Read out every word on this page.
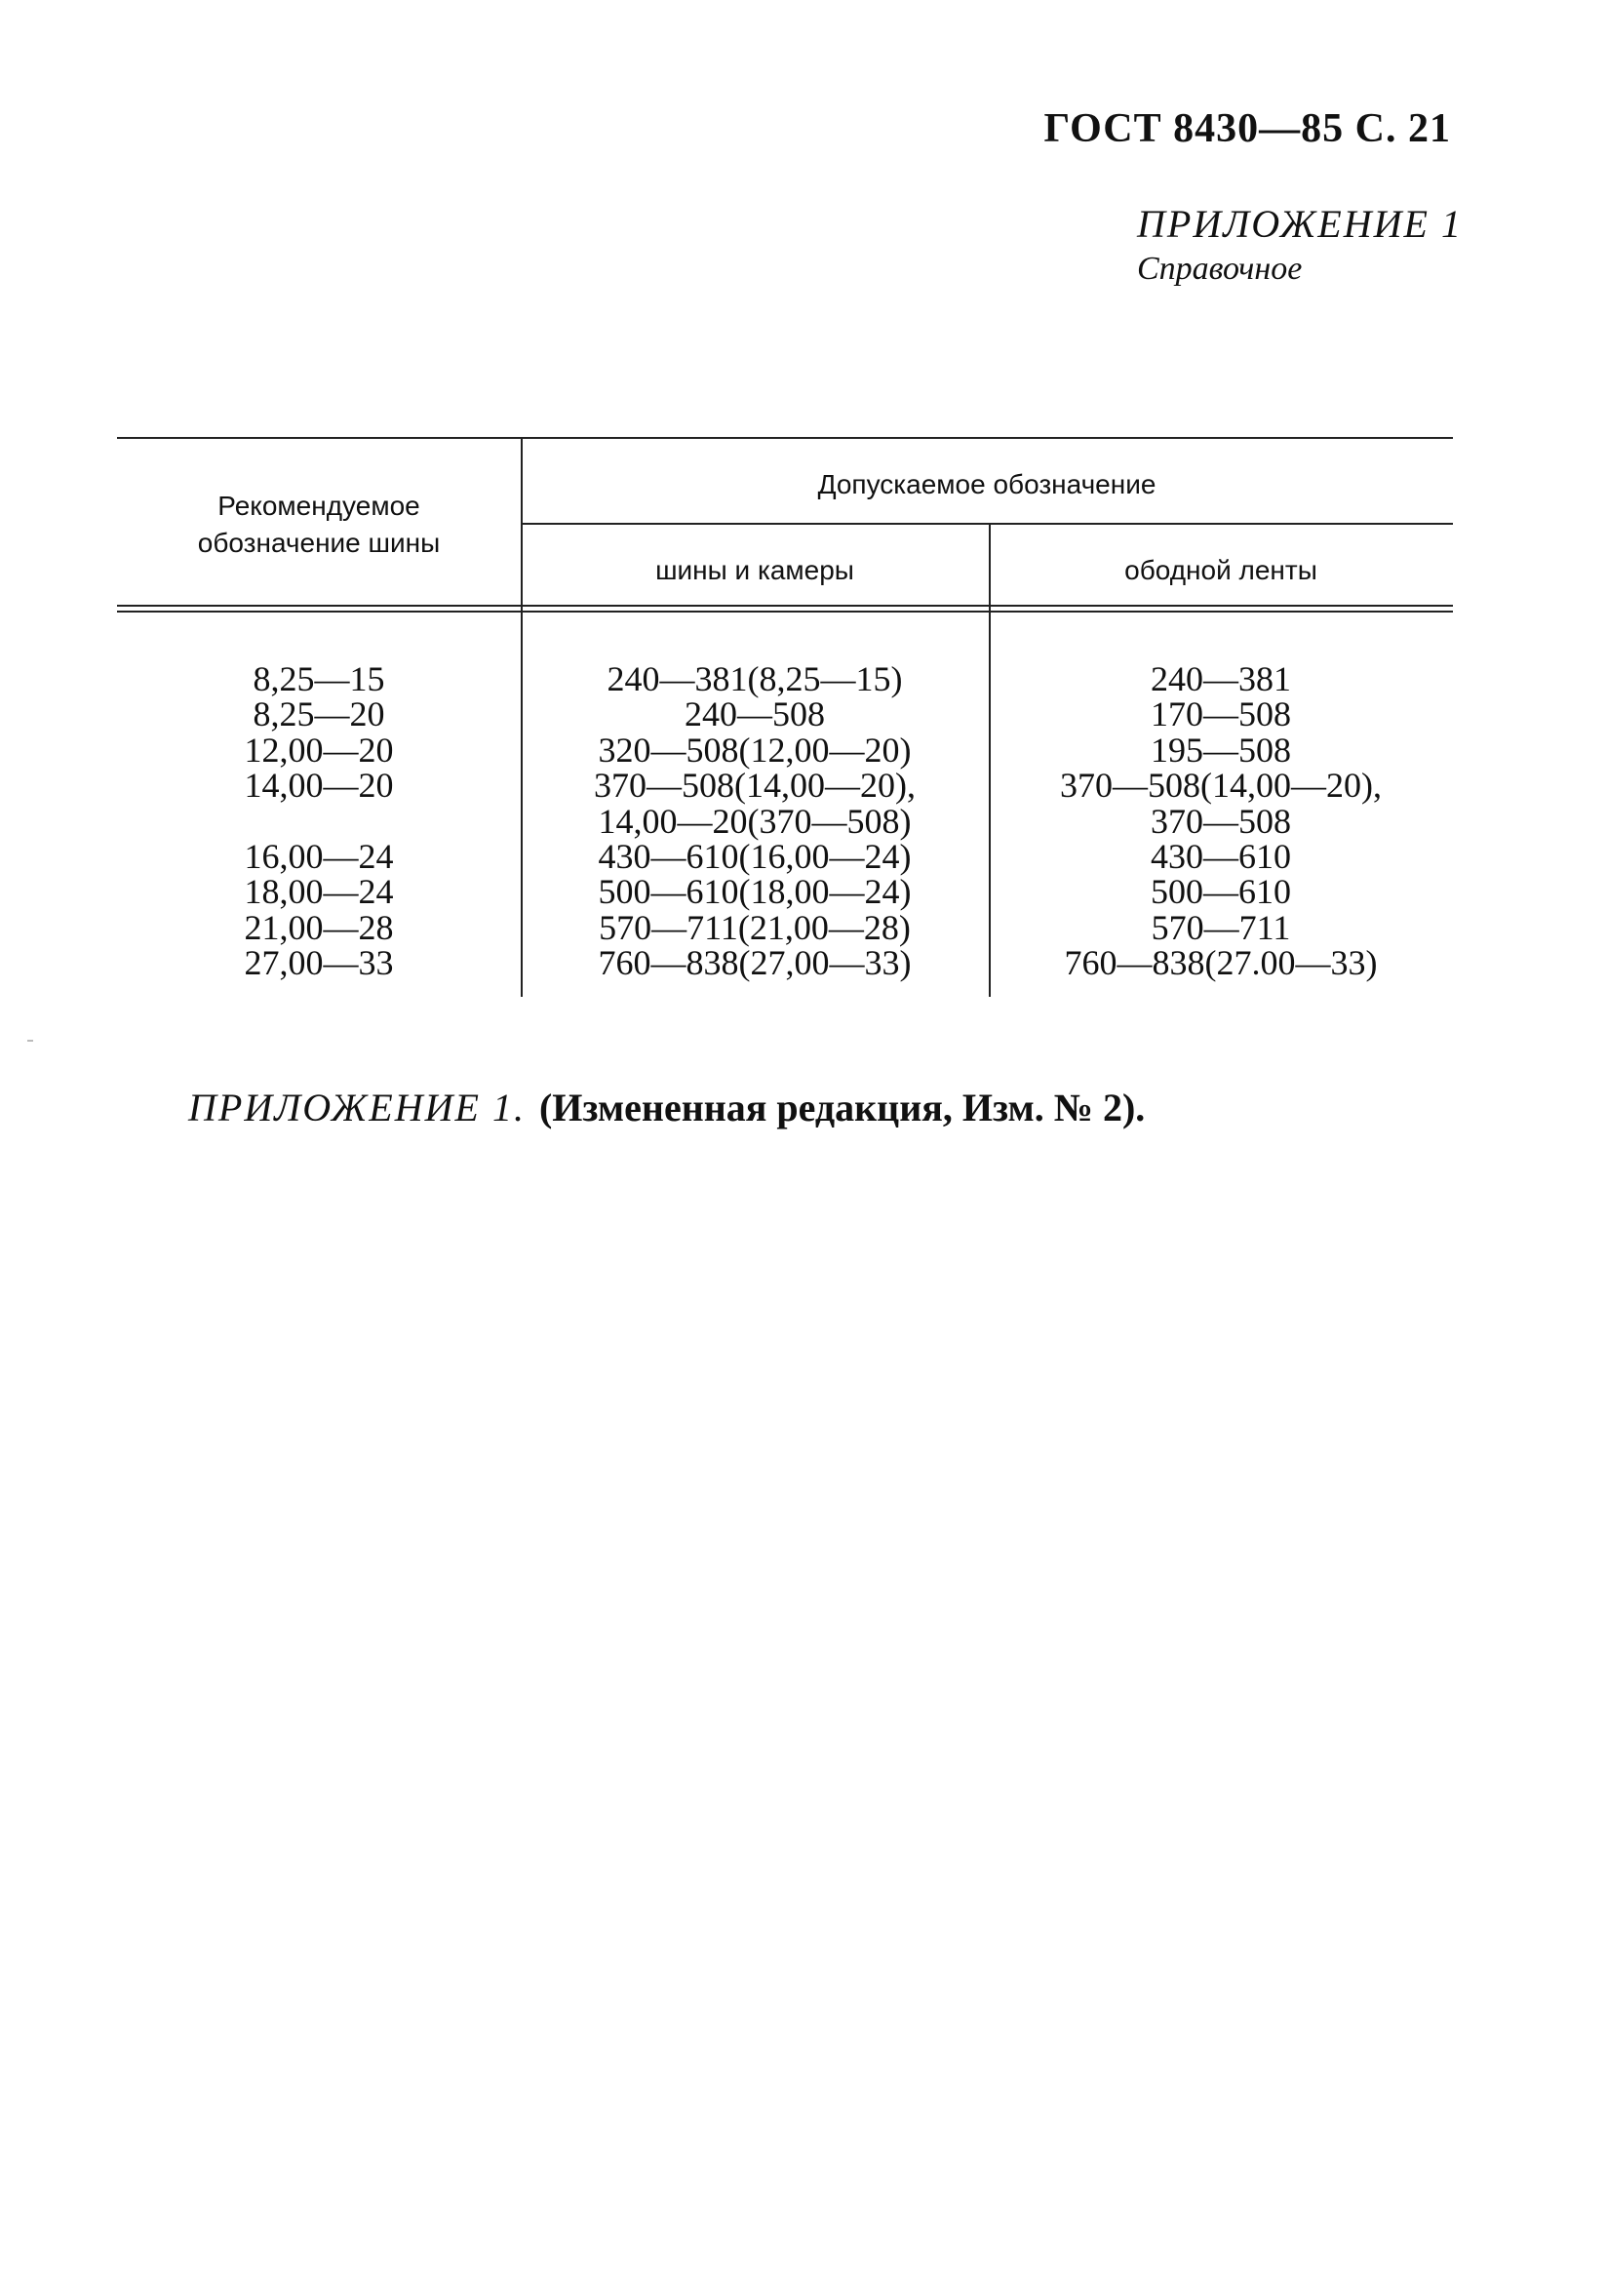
ГОСТ 8430—85 С. 21
ПРИЛОЖЕНИЕ 1
Справочное
Рекомендуемое
обозначение шины
Допускаемое обозначение
шины и камеры	ободной ленты
8,25—15
8,25—20
12,00—20
14,00—20
16,00—24
18,00—24
21,00—28
27,00—33
240—381(8,25—15)
240—508
320—508(12,00—20)
370—508(14,00—20),
14,00—20(370—508)
430—610(16,00—24)
500—610(18,00—24)
570—711(21,00—28)
760—838(27,00—33)
240—381
170—508
195—508
370—508(14,00—20),
370—508
430—610
500—610
570—711
760—838(27.00—33)
ПРИЛОЖЕНИЕ 1. (Измененная редакция, Изм. № 2).
